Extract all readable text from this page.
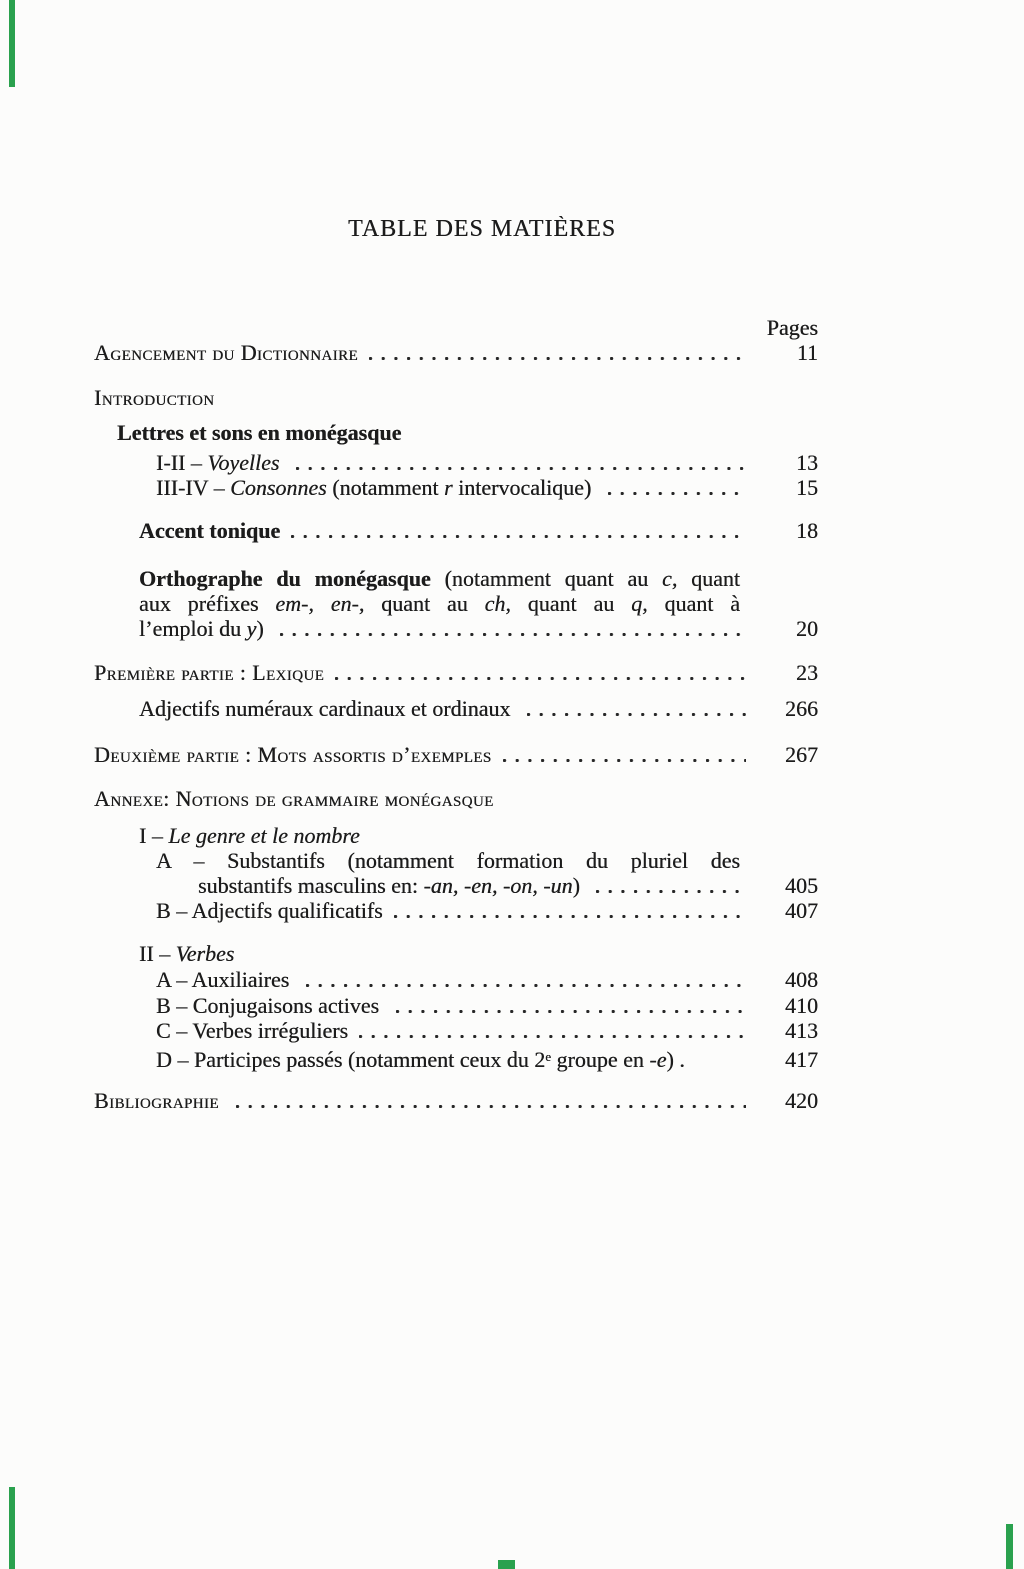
TABLE DES MATIÈRES
Pages
Agencement du Dictionnaire	11
Introduction
Lettres et sons en monégasque
I-II – Voyelles	13
III-IV – Consonnes (notamment r intervocalique)	15
Accent tonique	18
Orthographe du monégasque (notamment quant au c, quant
aux préfixes em-, en-, quant au ch, quant au q, quant à
l’emploi du y)	20
Première partie : Lexique	23
Adjectifs numéraux cardinaux et ordinaux	266
Deuxième partie : Mots assortis d’exemples	267
Annexe: Notions de grammaire monégasque
I – Le genre et le nombre
A – Substantifs (notamment formation du pluriel des
substantifs masculins en: -an, -en, -on, -un)	405
B – Adjectifs qualificatifs	407
II – Verbes
A – Auxiliaires	408
B – Conjugaisons actives	410
C – Verbes irréguliers	413
D – Participes passés (notamment ceux du 2e groupe en -e) .	417
Bibliographie	420
